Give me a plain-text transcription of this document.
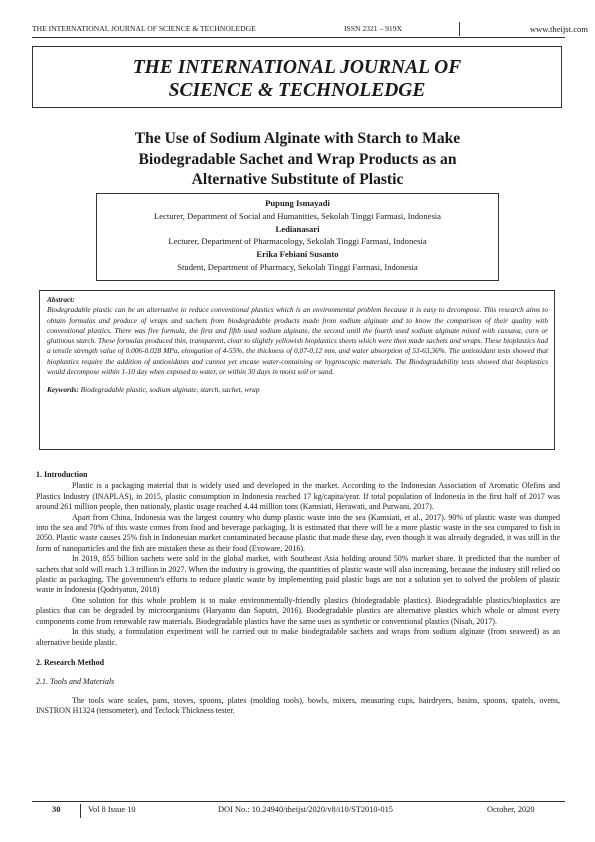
THE INTERNATIONAL JOURNAL OF SCIENCE & TECHNOLEDGE	ISSN 2321 – 919X	www.theijst.com
THE INTERNATIONAL JOURNAL OF
SCIENCE & TECHNOLEDGE
The Use of Sodium Alginate with Starch to Make
Biodegradable Sachet and Wrap Products as an
Alternative Substitute of Plastic
Pupung Ismayadi
Lecturer, Department of Social and Humanities, Sekolah Tinggi Farmasi, Indonesia
Ledianasari
Lecturer, Department of Pharmacology, Sekolah Tinggi Farmasi, Indonesia
Erika Febiani Susanto
Student, Department of Pharmacy, Sekolah Tinggi Farmasi, Indonesia
Abstract:
Biodegradable plastic can be an alternative to reduce conventional plastics which is an environmental problem because it is easy to decompose. This research aims to obtain formulas and produce of wraps and sachets from biodegradable products made from sodium alginate and to know the comparison of their quality with conventional plastics. There was five formula, the first and fifth used sodium alginate, the second until the fourth used sodium alginate mixed with cassava, corn or glutinous starch. These formulas produced thin, transparent, clear to slightly yellowish bioplastics sheets which were then made sachets and wraps. These bioplastics had a tensile strength value of 0.006-0.028 MPa, elongation of 4-55%, the thickness of 0,07-0,12 mm, and water absorption of 53-63,36%. The antioxidant tests showed that bioplastics require the addition of antioxidants and cannot yet encase water-containing or hygroscopic materials. The Biodegradability tests showed that bioplastics would decompose within 1-10 day when exposed to water, or within 30 days in moist soil or sand.
Keywords: Biodegradable plastic, sodium alginate, starch, sachet, wrap
1. Introduction
Plastic is a packaging material that is widely used and developed in the market. According to the Indonesian Association of Aromatic Olefins and Plastics Industry (INAPLAS), in 2015, plastic consumption in Indonesia reached 17 kg/capita/year. If total population of Indonesia in the first half of 2017 was around 261 million people, then nationaly, plastic usage reached 4.44 million tons (Kamsiati, Herawati, and Purwani, 2017).
Apart from China, Indonesia was the largest country who dump plastic waste into the sea (Kamsiati, et al., 2017). 90% of plastic waste was dumped into the sea and 70% of this waste comes from food and beverage packaging. It is estimated that there will be a more plastic waste in the sea compared to fish in 2050. Plastic waste causes 25% fish in Indonesian market contaminated because plastic that made these day, even though it was already degraded, it was still in the form of nanoparticles and the fish are mistaken these as their food (Evoware, 2016).
In 2019, 855 billion sachets were sold in the global market, with Southeast Asia holding around 50% market share. It predicted that the number of sachets that sold will reach 1.3 trillion in 2027. When the industry is growing, the quantities of plastic waste will also increasing, because the industry still relied on plastic as packaging. The government's efforts to reduce plastic waste by implementing paid plastic bags are not a solution yet to solved the problem of plastic waste in Indonesia (Qodriyatun, 2018)
One solution for this whole problem is to make environmentally-friendly plastics (biodegradable plastics). Biodegradable plastics/bioplastics are plastics that can be degraded by microorganisms (Haryanto dan Saputri, 2016). Biodegradable plastics are alternative plastics which whole or almost every components come from renewable raw materials. Biodegradable plastics have the same uses as synthetic or conventional plastics (Nisah, 2017).
In this study, a formulation experiment will be carried out to make biodegradable sachets and wraps from sodium alginate (from seaweed) as an alternative beside plastic.
2. Research Method
2.1. Tools and Materials
The tools ware scales, pans, stoves, spoons, plates (molding tools), bowls, mixers, measuring cups, hairdryers, basins, spoons, spatels, ovens, INSTRON H1324 (tensometer), and Teclock Thickness tester.
30	Vol 8 Issue 10	DOI No.: 10.24940/theijst/2020/v8/i10/ST2010-015	October, 2020
